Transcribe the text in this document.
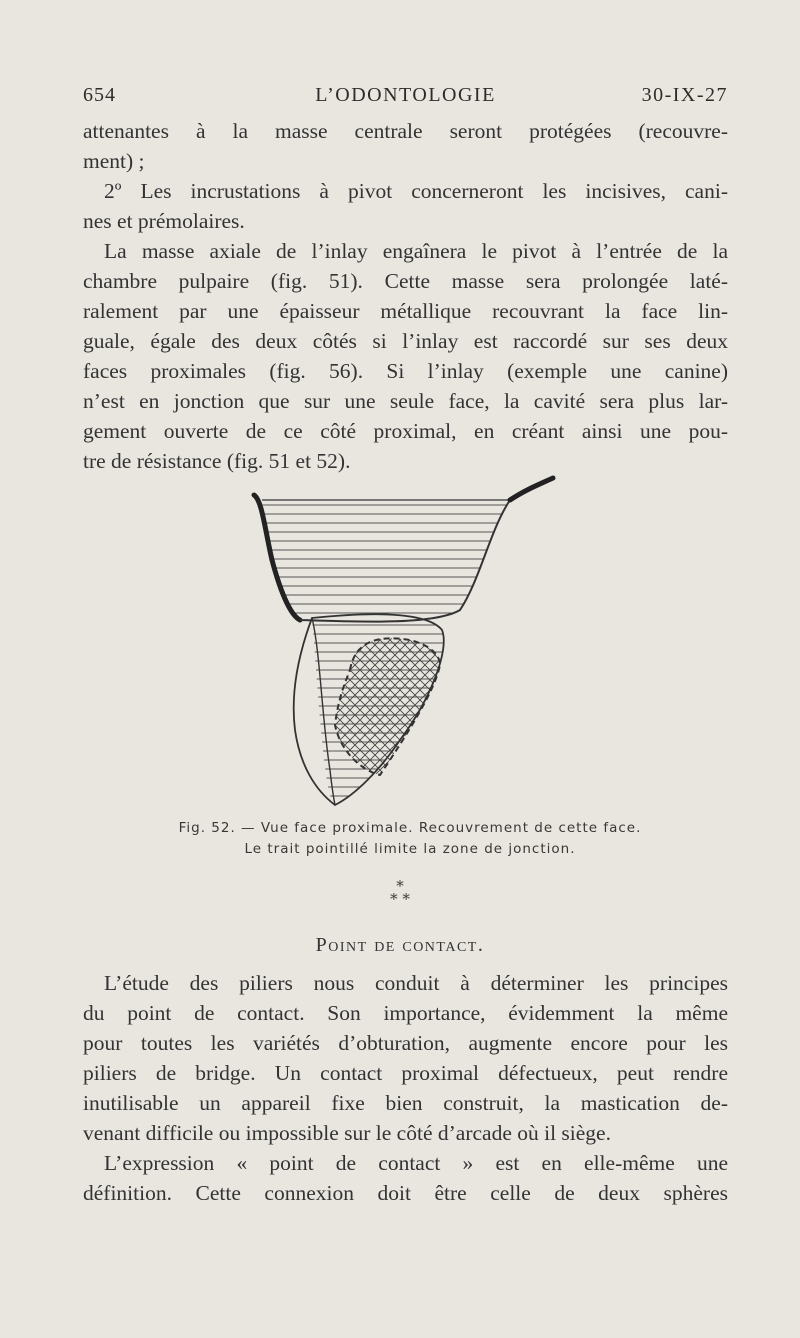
654	L’ODONTOLOGIE	30-IX-27
attenantes à la masse centrale seront protégées (recouvre-
ment) ;
2º Les incrustations à pivot concerneront les incisives, cani-
nes et prémolaires.
La masse axiale de l’inlay engaînera le pivot à l’entrée de la
chambre pulpaire (fig. 51). Cette masse sera prolongée laté-
ralement par une épaisseur métallique recouvrant la face lin-
guale, égale des deux côtés si l’inlay est raccordé sur ses deux
faces proximales (fig. 56). Si l’inlay (exemple une canine)
n’est en jonction que sur une seule face, la cavité sera plus lar-
gement ouverte de ce côté proximal, en créant ainsi une pou-
tre de résistance (fig. 51 et 52).
Fig. 52. — Vue face proximale. Recouvrement de cette face.
Le trait pointillé limite la zone de jonction.
*
* *
Point de contact.
L’étude des piliers nous conduit à déterminer les principes
du point de contact. Son importance, évidemment la même
pour toutes les variétés d’obturation, augmente encore pour les
piliers de bridge. Un contact proximal défectueux, peut rendre
inutilisable un appareil fixe bien construit, la mastication de-
venant difficile ou impossible sur le côté d’arcade où il siège.
L’expression « point de contact » est en elle-même une
définition. Cette connexion doit être celle de deux sphères
